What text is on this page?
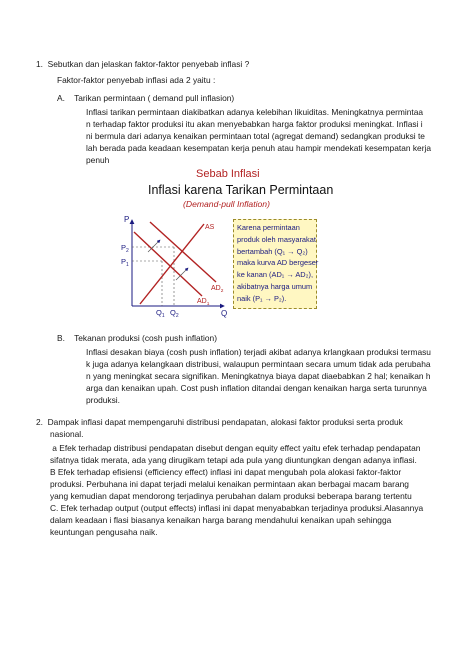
1.  Sebutkan dan jelaskan faktor-faktor penyebab inflasi ?
Faktor-faktor penyebab inflasi ada 2 yaitu :
A.    Tarikan permintaan ( demand pull inflasion)
Inflasi tarikan permintaan diakibatkan adanya kelebihan likuiditas. Meningkatnya permintaa
n terhadap faktor produksi itu akan menyebabkan harga faktor produksi meningkat. Inflasi i
ni bermula dari adanya kenaikan permintaan total (agregat demand) sedangkan produksi te
lah berada pada keadaan kesempatan kerja penuh atau hampir mendekati kesempatan kerja
penuh
Sebab Inflasi
Inflasi karena Tarikan Permintaan
(Demand-pull Inflation)
P
Q
$P_2$
$P_1$
$Q_1$ $Q_2$
AS
$AD_2$
$AD_1$
Karena permintaan
produk oleh masyarakat
bertambah (Q₁ → Q₂)
maka kurva AD bergeser
ke kanan (AD₁ → AD₂),
akibatnya harga umum
naik (P₁ → P₂).
B.    Tekanan produksi (cosh push inflation)
Inflasi desakan biaya (cosh push inflation) terjadi akibat adanya krlangkaan produksi termasu
k juga adanya kelangkaan distribusi, walaupun permintaan secara umum tidak ada perubaha
n yang meningkat secara signifikan. Meningkatnya biaya dapat diaebabkan 2 hal; kenaikan h
arga dan kenaikan upah. Cost push inflation ditandai dengan kenaikan harga serta turunnya
produksi.
2.  Dampak inflasi dapat mempengaruhi distribusi pendapatan, alokasi faktor produksi serta produk
nasional.
a Efek terhadap distribusi pendapatan disebut dengan equity effect yaitu efek terhadap pendapatan
sifatnya tidak merata, ada yang dirugikam tetapi ada pula yang diuntungkan dengan adanya inflasi.
B Efek terhadap efisiensi (efficiency effect) inflasi ini dapat mengubah pola alokasi faktor-faktor
produksi. Perbuhana ini dapat terjadi melalui kenaikan permintaan akan berbagai macam barang
yang kemudian dapat mendorong terjadinya perubahan dalam produksi beberapa barang tertentu
C. Efek terhadap output (output effects) inflasi ini dapat menyababkan terjadinya produksi.Alasannya
dalam keadaan i flasi biasanya kenaikan harga barang mendahului kenaikan upah sehingga
keuntungan pengusaha naik.
